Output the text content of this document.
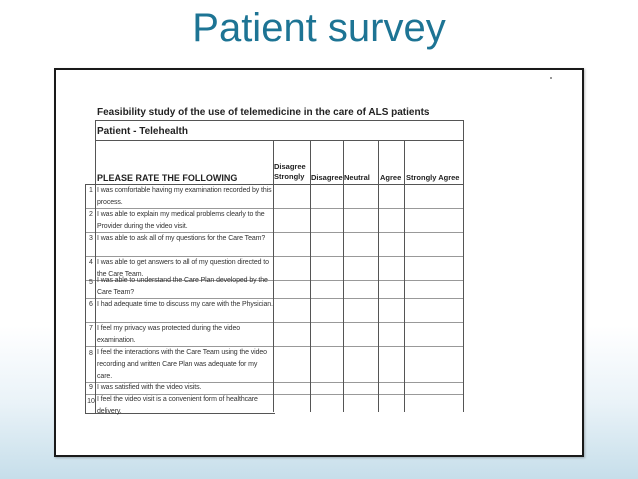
Patient survey
Feasibility study of the use of telemedicine in the care of ALS patients
Patient - Telehealth
PLEASE RATE THE FOLLOWING
Disagree Strongly Disagree Neutral	Agree Strongly Agree
1 I was comfortable having my examination recorded by this process.
2 I was able to explain my medical problems clearly to the Provider during the video visit.
3 I was able to ask all of my questions for the Care Team?
4 I was able to get answers to all of my question directed to the Care Team.
5 I was able to understand the Care Plan developed by the Care Team?
6 I had adequate time to discuss my care with the Physician.
7 I feel my privacy was protected during the video examination.
8 I feel the interactions with the Care Team using the video recording and written Care Plan was adequate for my care.
9 I was satisfied with the video visits.
10 I feel the video visit is a convenient form of healthcare delivery.
